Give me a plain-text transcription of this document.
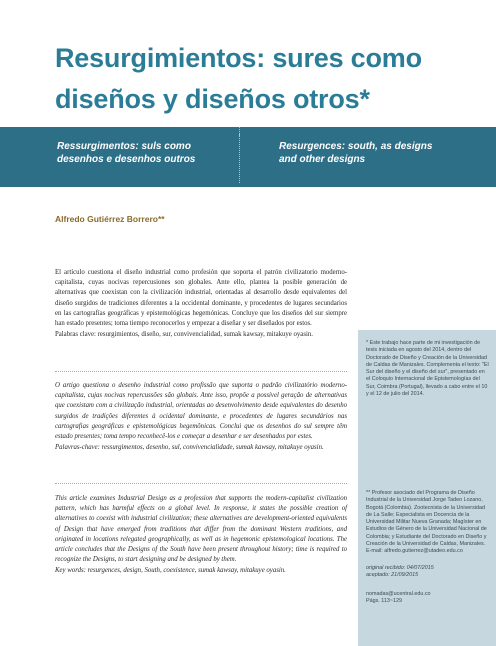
Resurgimientos: sures como diseños y diseños otros*
Ressurgimentos: suls como desenhos e desenhos outros
Resurgences: south, as designs and other designs
Alfredo Gutiérrez Borrero**
* Este trabajo hace parte de mi investigación de tesis iniciada en agosto del 2014, dentro del Doctorado de Diseño y Creación de la Universidad de Caldas de Manizales. Complementa el texto: "El Sur del diseño y el diseño del sur", presentado en el Coloquio Internacional de Epistemologías del Sur, Coimbra (Portugal), llevado a cabo entre el 10 y el 12 de julio del 2014.
** Profesor asociado del Programa de Diseño Industrial de la Universidad Jorge Tadeo Lozano, Bogotá (Colombia). Zootecnista de la Universidad de La Salle; Especialista en Docencia de la Universidad Militar Nueva Granada; Magíster en Estudios de Género de la Universidad Nacional de Colombia; y Estudiante del Doctorado en Diseño y Creación de la Universidad de Caldas, Manizales. E-mail: alfredo.gutierrez@utadeo.edu.co
original recibido: 04/07/2015
aceptado: 21/09/2015
nomadas@ucentral.edu.co
Págs. 113~129
El artículo cuestiona el diseño industrial como profesión que soporta el patrón civilizatorio moderno-capitalista, cuyas nocivas repercusiones son globales. Ante ello, plantea la posible generación de alternativas que coexistan con la civilización industrial, orientadas al desarrollo desde equivalentes del diseño surgidos de tradiciones diferentes a la occidental dominante, y procedentes de lugares secundarios en las cartografías geográficas y epistemológicas hegemónicas. Concluye que los diseños del sur siempre han estado presentes; toma tiempo reconocerlos y empezar a diseñar y ser diseñados por estos.
Palabras clave: resurgimientos, diseño, sur, convivencialidad, sumak kawsay, mitakuye oyasin.
O artigo questiona o desenho industrial como profissão que suporta o padrão civilizatório moderno-capitalista, cujas nocivas repercussões são globais. Ante isso, propõe a possível geração de alternativas que coexistam com a civilização industrial, orientadas ao desenvolvimento desde equivalentes do desenho surgidos de tradições diferentes à ocidental dominante, e procedentes de lugares secundários nas cartografias geográficas e epistemológicas hegemônicas. Conclui que os desenhos do sul sempre têm estado presentes; toma tempo reconhecê-los e começar a desenhar e ser desenhados por estes.
Palavras-chave: ressurgimentos, desenho, sul, convivencialidade, sumak kawsay, mitakuye oyasin.
This article examines Industrial Design as a profession that supports the modern-capitalist civilization pattern, which has harmful effects on a global level. In response, it states the possible creation of alternatives to coexist with industrial civilization; these alternatives are development-oriented equivalents of Design that have emerged from traditions that differ from the dominant Western traditions, and originated in locations relegated geographically, as well as in hegemonic epistemological locations. The article concludes that the Designs of the South have been present throughout history; time is required to recognize the Designs, to start designing and be designed by them.
Key words: resurgences, design, South, coexistence, sumak kawsay, mitakuye oyasin.
